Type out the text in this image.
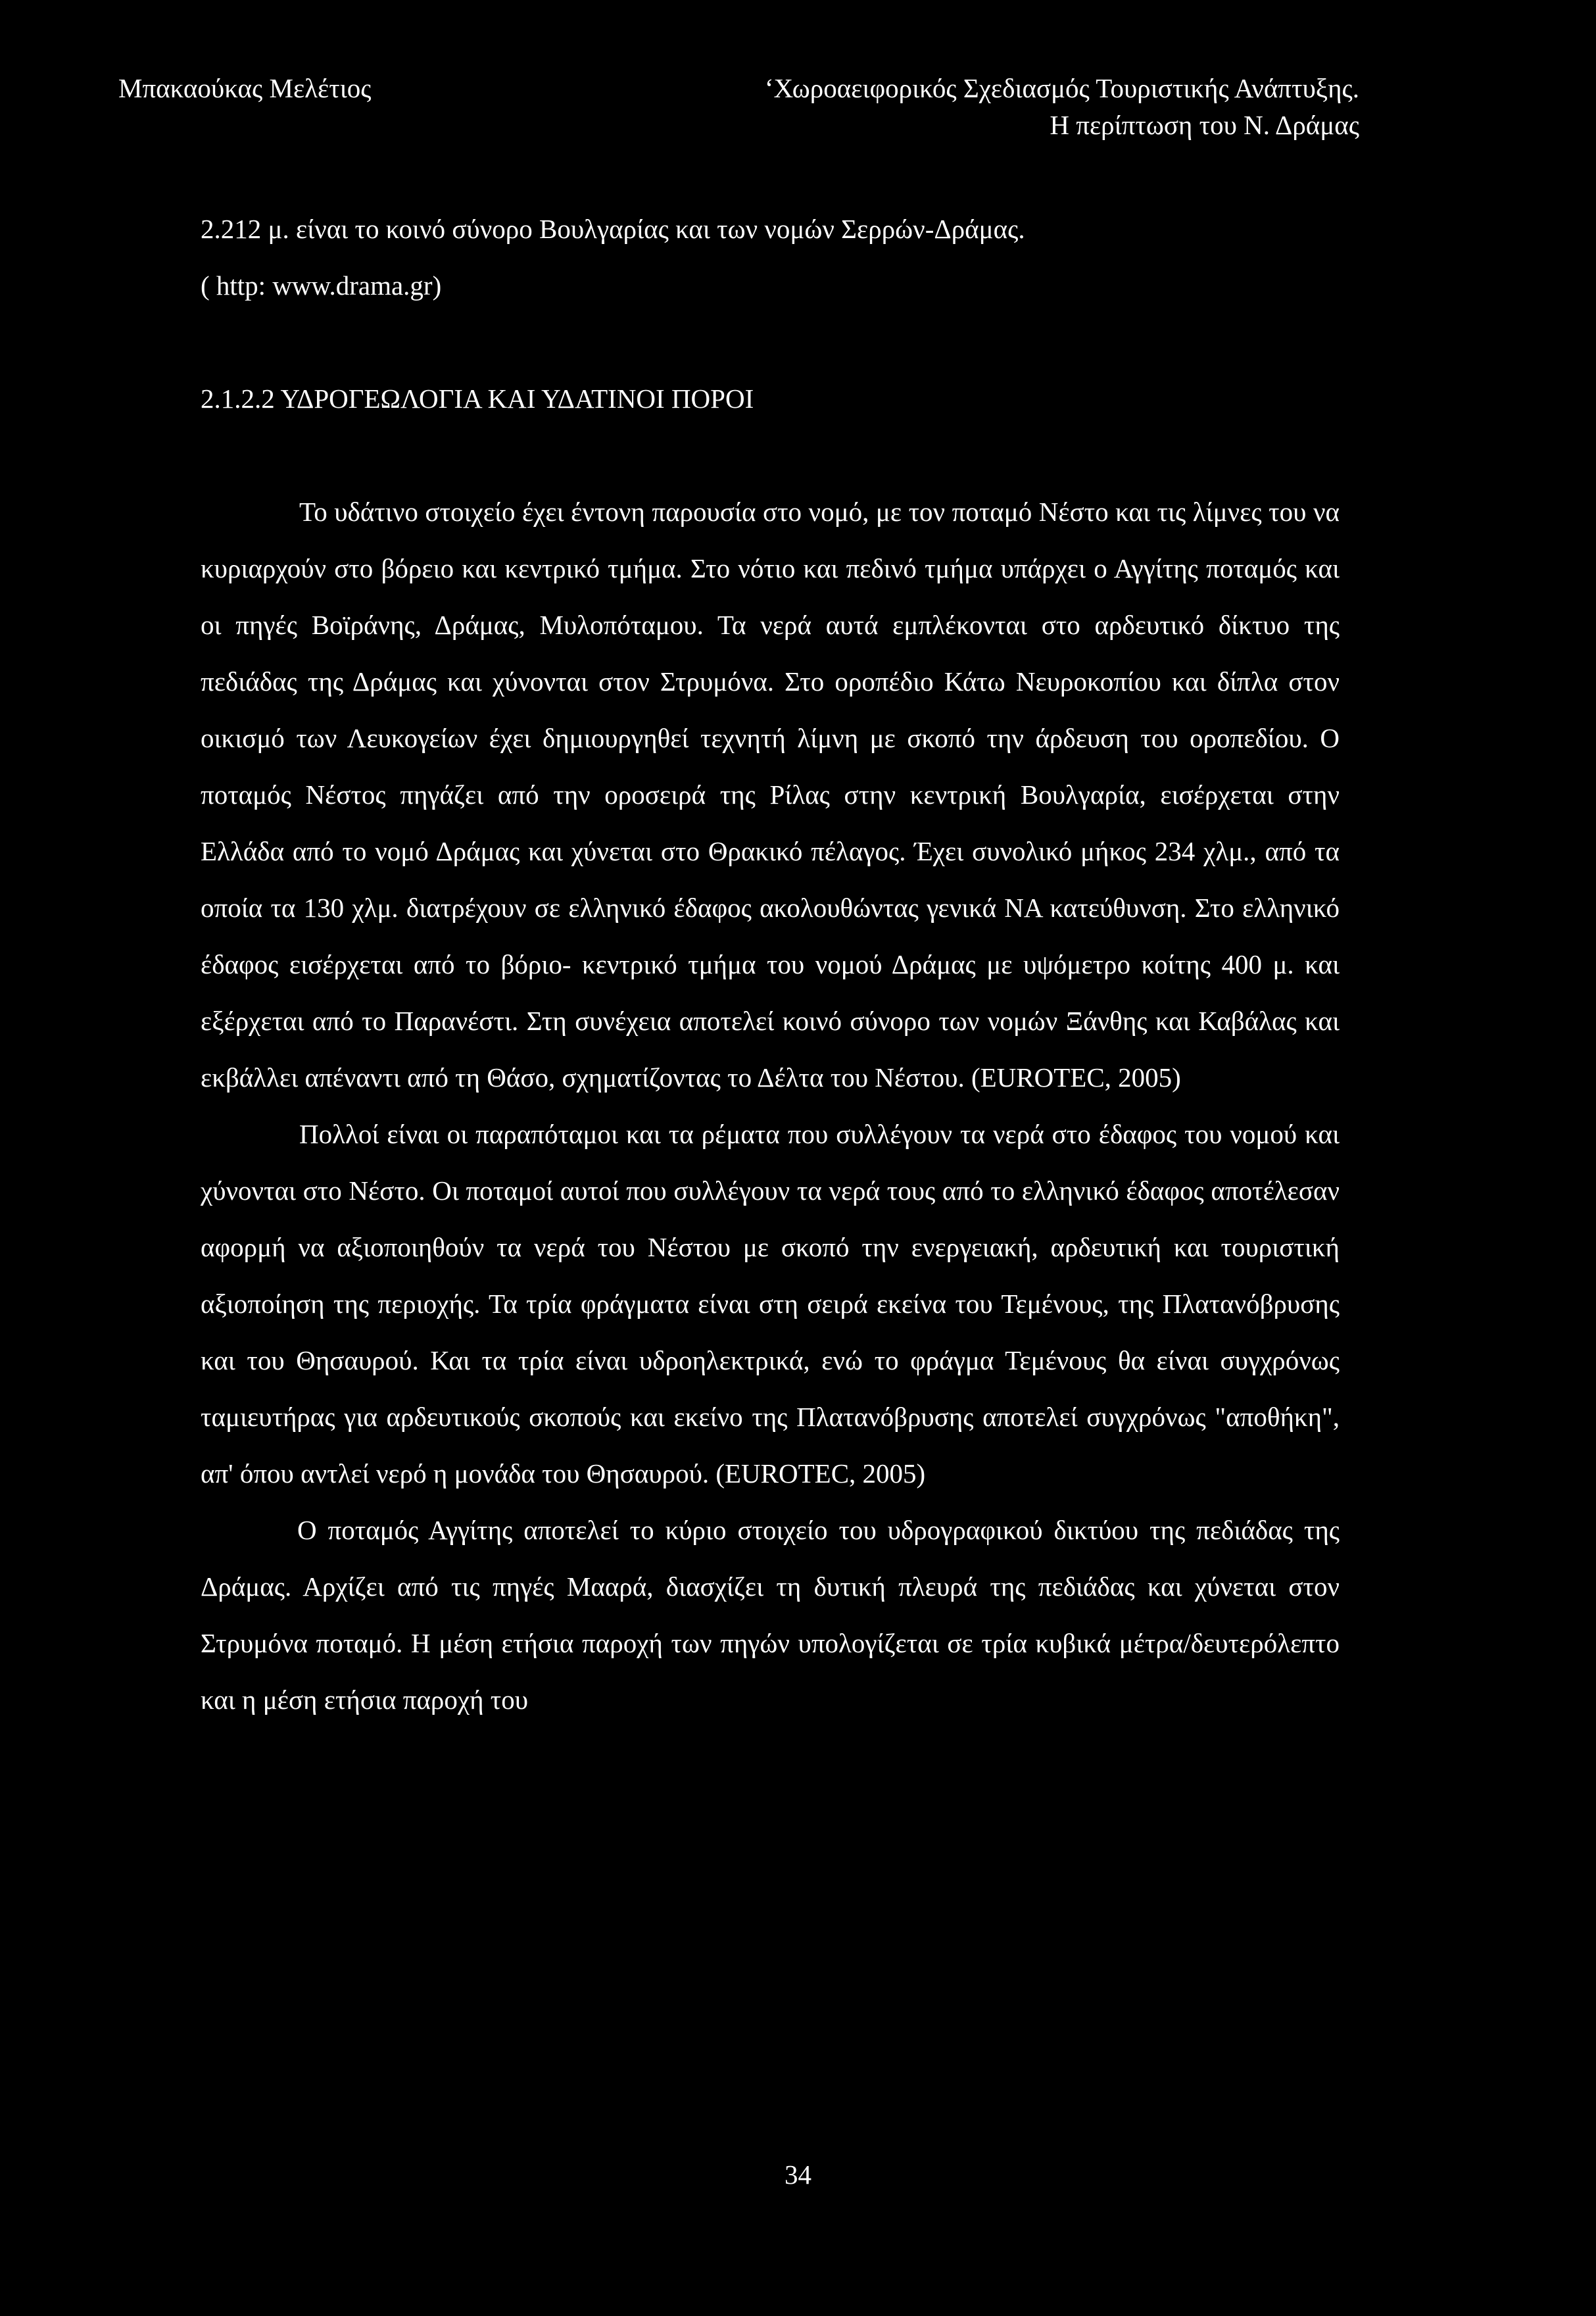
Μπακαούκας Μελέτιος	‘Χωροαειφορικός Σχεδιασμός Τουριστικής Ανάπτυξης.
Η περίπτωση του Ν. Δράμας

2.212 μ. είναι το κοινό σύνορο Βουλγαρίας και των νομών Σερρών-Δράμας.

( http: www.drama.gr)

2.1.2.2 ΥΔΡΟΓΕΩΛΟΓΙΑ ΚΑΙ ΥΔΑΤΙΝΟΙ ΠΟΡΟΙ

Το υδάτινο στοιχείο έχει έντονη παρουσία στο νομό, με τον ποταμό Νέστο και τις λίμνες του να κυριαρχούν στο βόρειο και κεντρικό τμήμα. Στο νότιο και πεδινό τμήμα υπάρχει ο Αγγίτης ποταμός και οι πηγές Βοϊράνης, Δράμας, Μυλοπόταμου. Τα νερά αυτά εμπλέκονται στο αρδευτικό δίκτυο της πεδιάδας της Δράμας και χύνονται στον Στρυμόνα. Στο οροπέδιο Κάτω Νευροκοπίου και δίπλα στον οικισμό των Λευκογείων έχει δημιουργηθεί τεχνητή λίμνη με σκοπό την άρδευση του οροπεδίου. Ο ποταμός Νέστος πηγάζει από την οροσειρά της Ρίλας στην κεντρική Βουλγαρία, εισέρχεται στην Ελλάδα από το νομό Δράμας και χύνεται στο Θρακικό πέλαγος. Έχει συνολικό μήκος 234 χλμ., από τα οποία τα 130 χλμ. διατρέχουν σε ελληνικό έδαφος ακολουθώντας γενικά ΝΑ κατεύθυνση. Στο ελληνικό έδαφος εισέρχεται από το βόριο- κεντρικό τμήμα του νομού Δράμας με υψόμετρο κοίτης 400 μ. και εξέρχεται από το Παρανέστι. Στη συνέχεια αποτελεί κοινό σύνορο των νομών Ξάνθης και Καβάλας και εκβάλλει απέναντι από τη Θάσο, σχηματίζοντας το Δέλτα του Νέστου. (EUROTEC, 2005)

Πολλοί είναι οι παραπόταμοι και τα ρέματα που συλλέγουν τα νερά στο έδαφος του νομού και χύνονται στο Νέστο. Οι ποταμοί αυτοί που συλλέγουν τα νερά τους από το ελληνικό έδαφος αποτέλεσαν αφορμή να αξιοποιηθούν τα νερά του Νέστου με σκοπό την ενεργειακή, αρδευτική και τουριστική αξιοποίηση της περιοχής. Τα τρία φράγματα είναι στη σειρά εκείνα του Τεμένους, της Πλατανόβρυσης και του Θησαυρού. Και τα τρία είναι υδροηλεκτρικά, ενώ το φράγμα Τεμένους θα είναι συγχρόνως ταμιευτήρας για αρδευτικούς σκοπούς και εκείνο της Πλατανόβρυσης αποτελεί συγχρόνως "αποθήκη", απ' όπου αντλεί νερό η μονάδα του Θησαυρού. (EUROTEC, 2005)

Ο ποταμός Αγγίτης αποτελεί το κύριο στοιχείο του υδρογραφικού δικτύου της πεδιάδας της Δράμας. Αρχίζει από τις πηγές Μααρά, διασχίζει τη δυτική πλευρά της πεδιάδας και χύνεται στον Στρυμόνα ποταμό. Η μέση ετήσια παροχή των πηγών υπολογίζεται σε τρία κυβικά μέτρα/δευτερόλεπτο και η μέση ετήσια παροχή του

34
